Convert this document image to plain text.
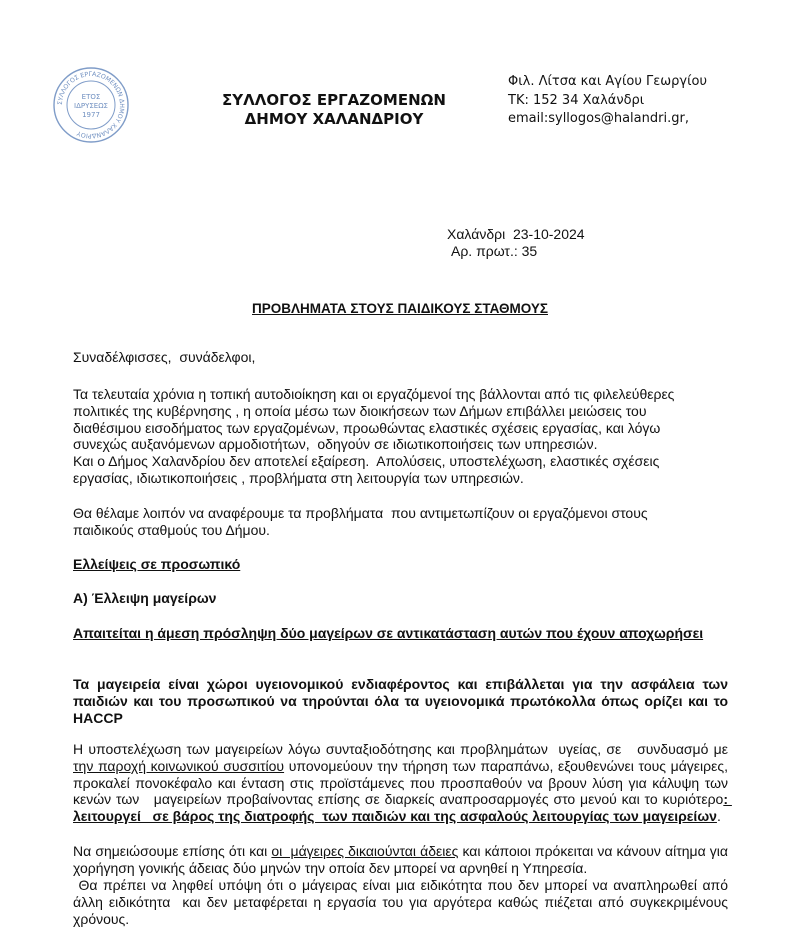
ΣΥΛΛΟΓΟΣ ΕΡΓΑΖΟΜΕΝΩΝ ΔΗΜΟΥ ΧΑΛΑΝΔΡΙΟΥ
ΕΤΟΣ
ΙΔΡΥΣΕΩΣ
1977
ΣΥΛΛΟΓΟΣ ΕΡΓΑΖΟΜΕΝΩΝ
ΔΗΜΟΥ ΧΑΛΑΝΔΡΙΟΥ
Φιλ. Λίτσα και Αγίου Γεωργίου
ΤΚ: 152 34 Χαλάνδρι
email:syllogos@halandri.gr,
Χαλάνδρι  23-10-2024
Αρ. πρωτ.: 35
ΠΡΟΒΛΗΜΑΤΑ ΣΤΟΥΣ ΠΑΙΔΙΚΟΥΣ ΣΤΑΘΜΟΥΣ
Συναδέλφισσες,  συνάδελφοι,
Τα τελευταία χρόνια η τοπική αυτοδιοίκηση και οι εργαζόμενοί της βάλλονται από τις φιλελεύθερες
πολιτικές της κυβέρνησης , η οποία μέσω των διοικήσεων των Δήμων επιβάλλει μειώσεις του
διαθέσιμου εισοδήματος των εργαζομένων, προωθώντας ελαστικές σχέσεις εργασίας, και λόγω
συνεχώς αυξανόμενων αρμοδιοτήτων,  οδηγούν σε ιδιωτικοποιήσεις των υπηρεσιών.
Και ο Δήμος Χαλανδρίου δεν αποτελεί εξαίρεση.  Απολύσεις, υποστελέχωση, ελαστικές σχέσεις
εργασίας, ιδιωτικοποιήσεις , προβλήματα στη λειτουργία των υπηρεσιών.
Θα θέλαμε λοιπόν να αναφέρουμε τα προβλήματα  που αντιμετωπίζουν οι εργαζόμενοι στους
παιδικούς σταθμούς του Δήμου.
Ελλείψεις σε προσωπικό
Α) Έλλειψη μαγείρων
Απαιτείται η άμεση πρόσληψη δύο μαγείρων σε αντικατάσταση αυτών που έχουν αποχωρήσει
Τα μαγειρεία είναι χώροι υγειονομικού ενδιαφέροντος και επιβάλλεται για την ασφάλεια των παιδιών και του προσωπικού να τηρούνται όλα τα υγειονομικά πρωτόκολλα όπως ορίζει και το HACCP
Η υποστελέχωση των μαγειρείων λόγω συνταξιοδότησης και προβλημάτων  υγείας, σε   συνδυασμό με την παροχή κοινωνικού συσσιτίου υπονομεύουν την τήρηση των παραπάνω, εξουθενώνει τους μάγειρες, προκαλεί πονοκέφαλο και ένταση στις προϊστάμενες που προσπαθούν να βρουν λύση για κάλυψη των κενών των   μαγειρείων προβαίνοντας επίσης σε διαρκείς αναπροσαρμογές στο μενού και το κυριότερο: λειτουργεί   σε βάρος της διατροφής  των παιδιών και της ασφαλούς λειτουργίας των μαγειρείων.
Να σημειώσουμε επίσης ότι και οι  μάγειρες δικαιούνται άδειες και κάποιοι πρόκειται να κάνουν αίτημα για χορήγηση γονικής άδειας δύο μηνών την οποία δεν μπορεί να αρνηθεί η Υπηρεσία.
Θα πρέπει να ληφθεί υπόψη ότι ο μάγειρας είναι μια ειδικότητα που δεν μπορεί να αναπληρωθεί από άλλη ειδικότητα  και δεν μεταφέρεται η εργασία του για αργότερα καθώς πιέζεται από συγκεκριμένους χρόνους.
